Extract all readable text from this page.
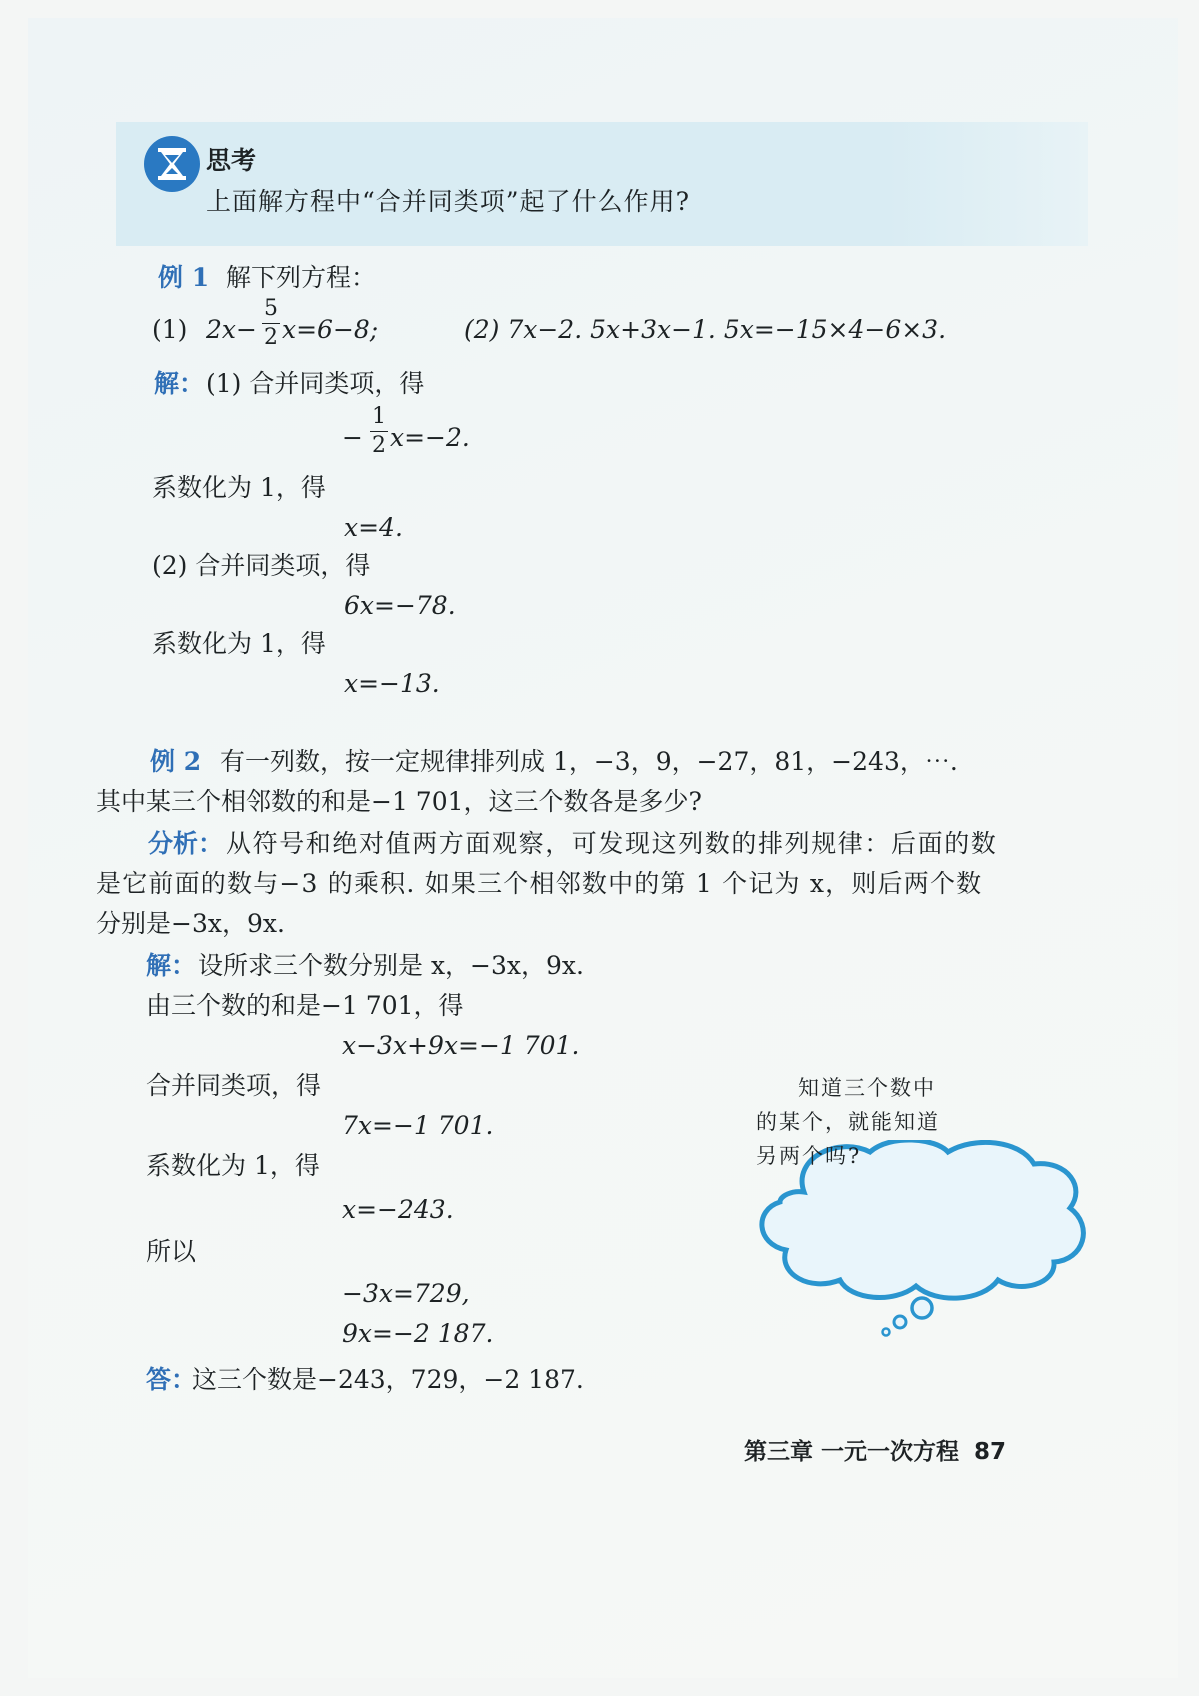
思考
上面解方程中“合并同类项”起了什么作用?
例 1 解下列方程：
(1) 2x−
5
2 x=6−8;	(2) 7x−2. 5x+3x−1. 5x=−15×4−6×3.
解： (1) 合并同类项，得
−
1
2 x=−2.
系数化为 1，得
x=4.
(2) 合并同类项，得
6x=−78.
系数化为 1，得
x=−13.
例 2 有一列数，按一定规律排列成 1，−3，9，−27，81，−243，⋯.
其中某三个相邻数的和是−1 701，这三个数各是多少?
分析： 从符号和绝对值两方面观察，可发现这列数的排列规律：后面的数
是它前面的数与−3 的乘积. 如果三个相邻数中的第 1 个记为 x，则后两个数
分别是−3x，9x.
解： 设所求三个数分别是 x，−3x，9x.
由三个数的和是−1 701，得
x−3x+9x=−1 701.
合并同类项，得
7x=−1 701.
系数化为 1，得
x=−243.
所以
−3x=729,
9x=−2 187.
答：
这三个数是−243，729，−2 187.
知道三个数中
的某个，就能知道
另两个吗?
第三章 一元一次方程 87
